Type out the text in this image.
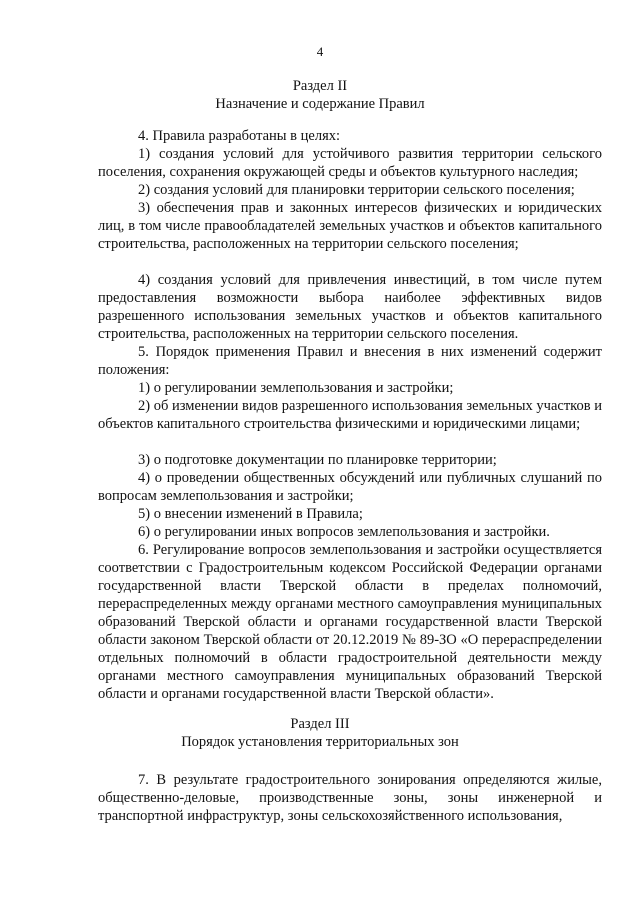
4
Раздел II
Назначение и содержание Правил

4. Правила разработаны в целях:

1) создания условий для устойчивого развития территории сельского поселения, сохранения окружающей среды и объектов культурного наследия;

2) создания условий для планировки территории сельского поселения;

3) обеспечения прав и законных интересов физических и юридических лиц, в том числе правообладателей земельных участков и объектов капитального строительства, расположенных на территории сельского поселения;

4) создания условий для привлечения инвестиций, в том числе путем предоставления возможности выбора наиболее эффективных видов разрешенного использования земельных участков и объектов капитального строительства, расположенных на территории сельского поселения.

5. Порядок применения Правил и внесения в них изменений содержит положения:

1) о регулировании землепользования и застройки;

2) об изменении видов разрешенного использования земельных участков и объектов капитального строительства физическими и юридическими лицами;

3) о подготовке документации по планировке территории;

4) о проведении общественных обсуждений или публичных слушаний по вопросам землепользования и застройки;

5) о внесении изменений в Правила;

6) о регулировании иных вопросов землепользования и застройки.

6. Регулирование вопросов землепользования и застройки осуществляется соответствии с Градостроительным кодексом Российской Федерации органами государственной власти Тверской области в пределах полномочий, перераспределенных между органами местного самоуправления муниципальных образований Тверской области и органами государственной власти Тверской области законом Тверской области от 20.12.2019 № 89-ЗО «О перераспределении отдельных полномочий в области градостроительной деятельности между органами местного самоуправления муниципальных образований Тверской области и органами государственной власти Тверской области».

Раздел III
Порядок установления территориальных зон

7. В результате градостроительного зонирования определяются жилые, общественно-деловые, производственные зоны, зоны инженерной и транспортной инфраструктур, зоны сельскохозяйственного использования,
